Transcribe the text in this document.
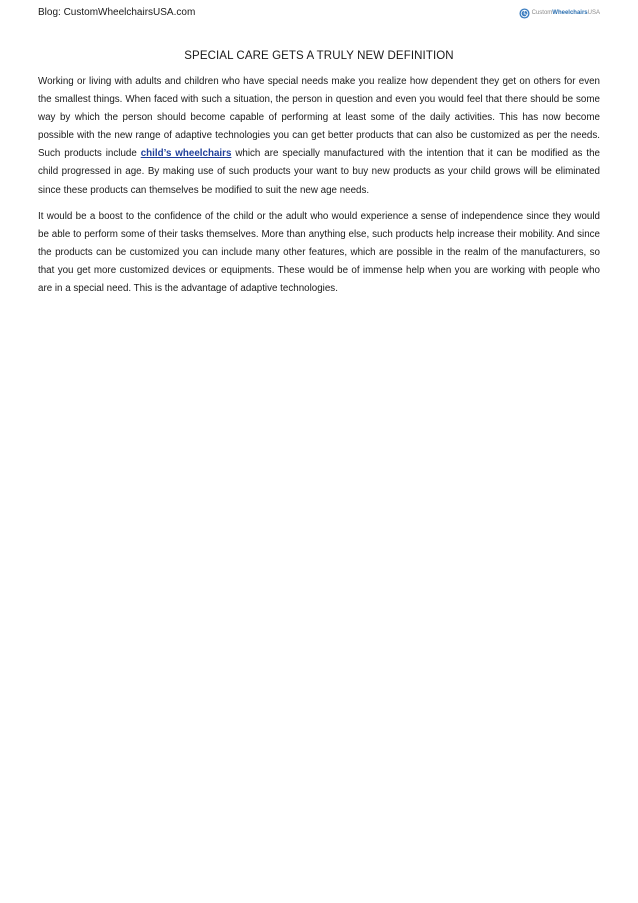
Blog: CustomWheelchairsUSA.com	CustomWheelchairsUSA
SPECIAL CARE GETS A TRULY NEW DEFINITION

Working or living with adults and children who have special needs make you realize how dependent they get on others for even the smallest things. When faced with such a situation, the person in question and even you would feel that there should be some way by which the person should become capable of performing at least some of the daily activities. This has now become possible with the new range of adaptive technologies you can get better products that can also be customized as per the needs. Such products include child’s wheelchairs which are specially manufactured with the intention that it can be modified as the child progressed in age. By making use of such products your want to buy new products as your child grows will be eliminated since these products can themselves be modified to suit the new age needs.

It would be a boost to the confidence of the child or the adult who would experience a sense of independence since they would be able to perform some of their tasks themselves. More than anything else, such products help increase their mobility. And since the products can be customized you can include many other features, which are possible in the realm of the manufacturers, so that you get more customized devices or equipments. These would be of immense help when you are working with people who are in a special need. This is the advantage of adaptive technologies.
